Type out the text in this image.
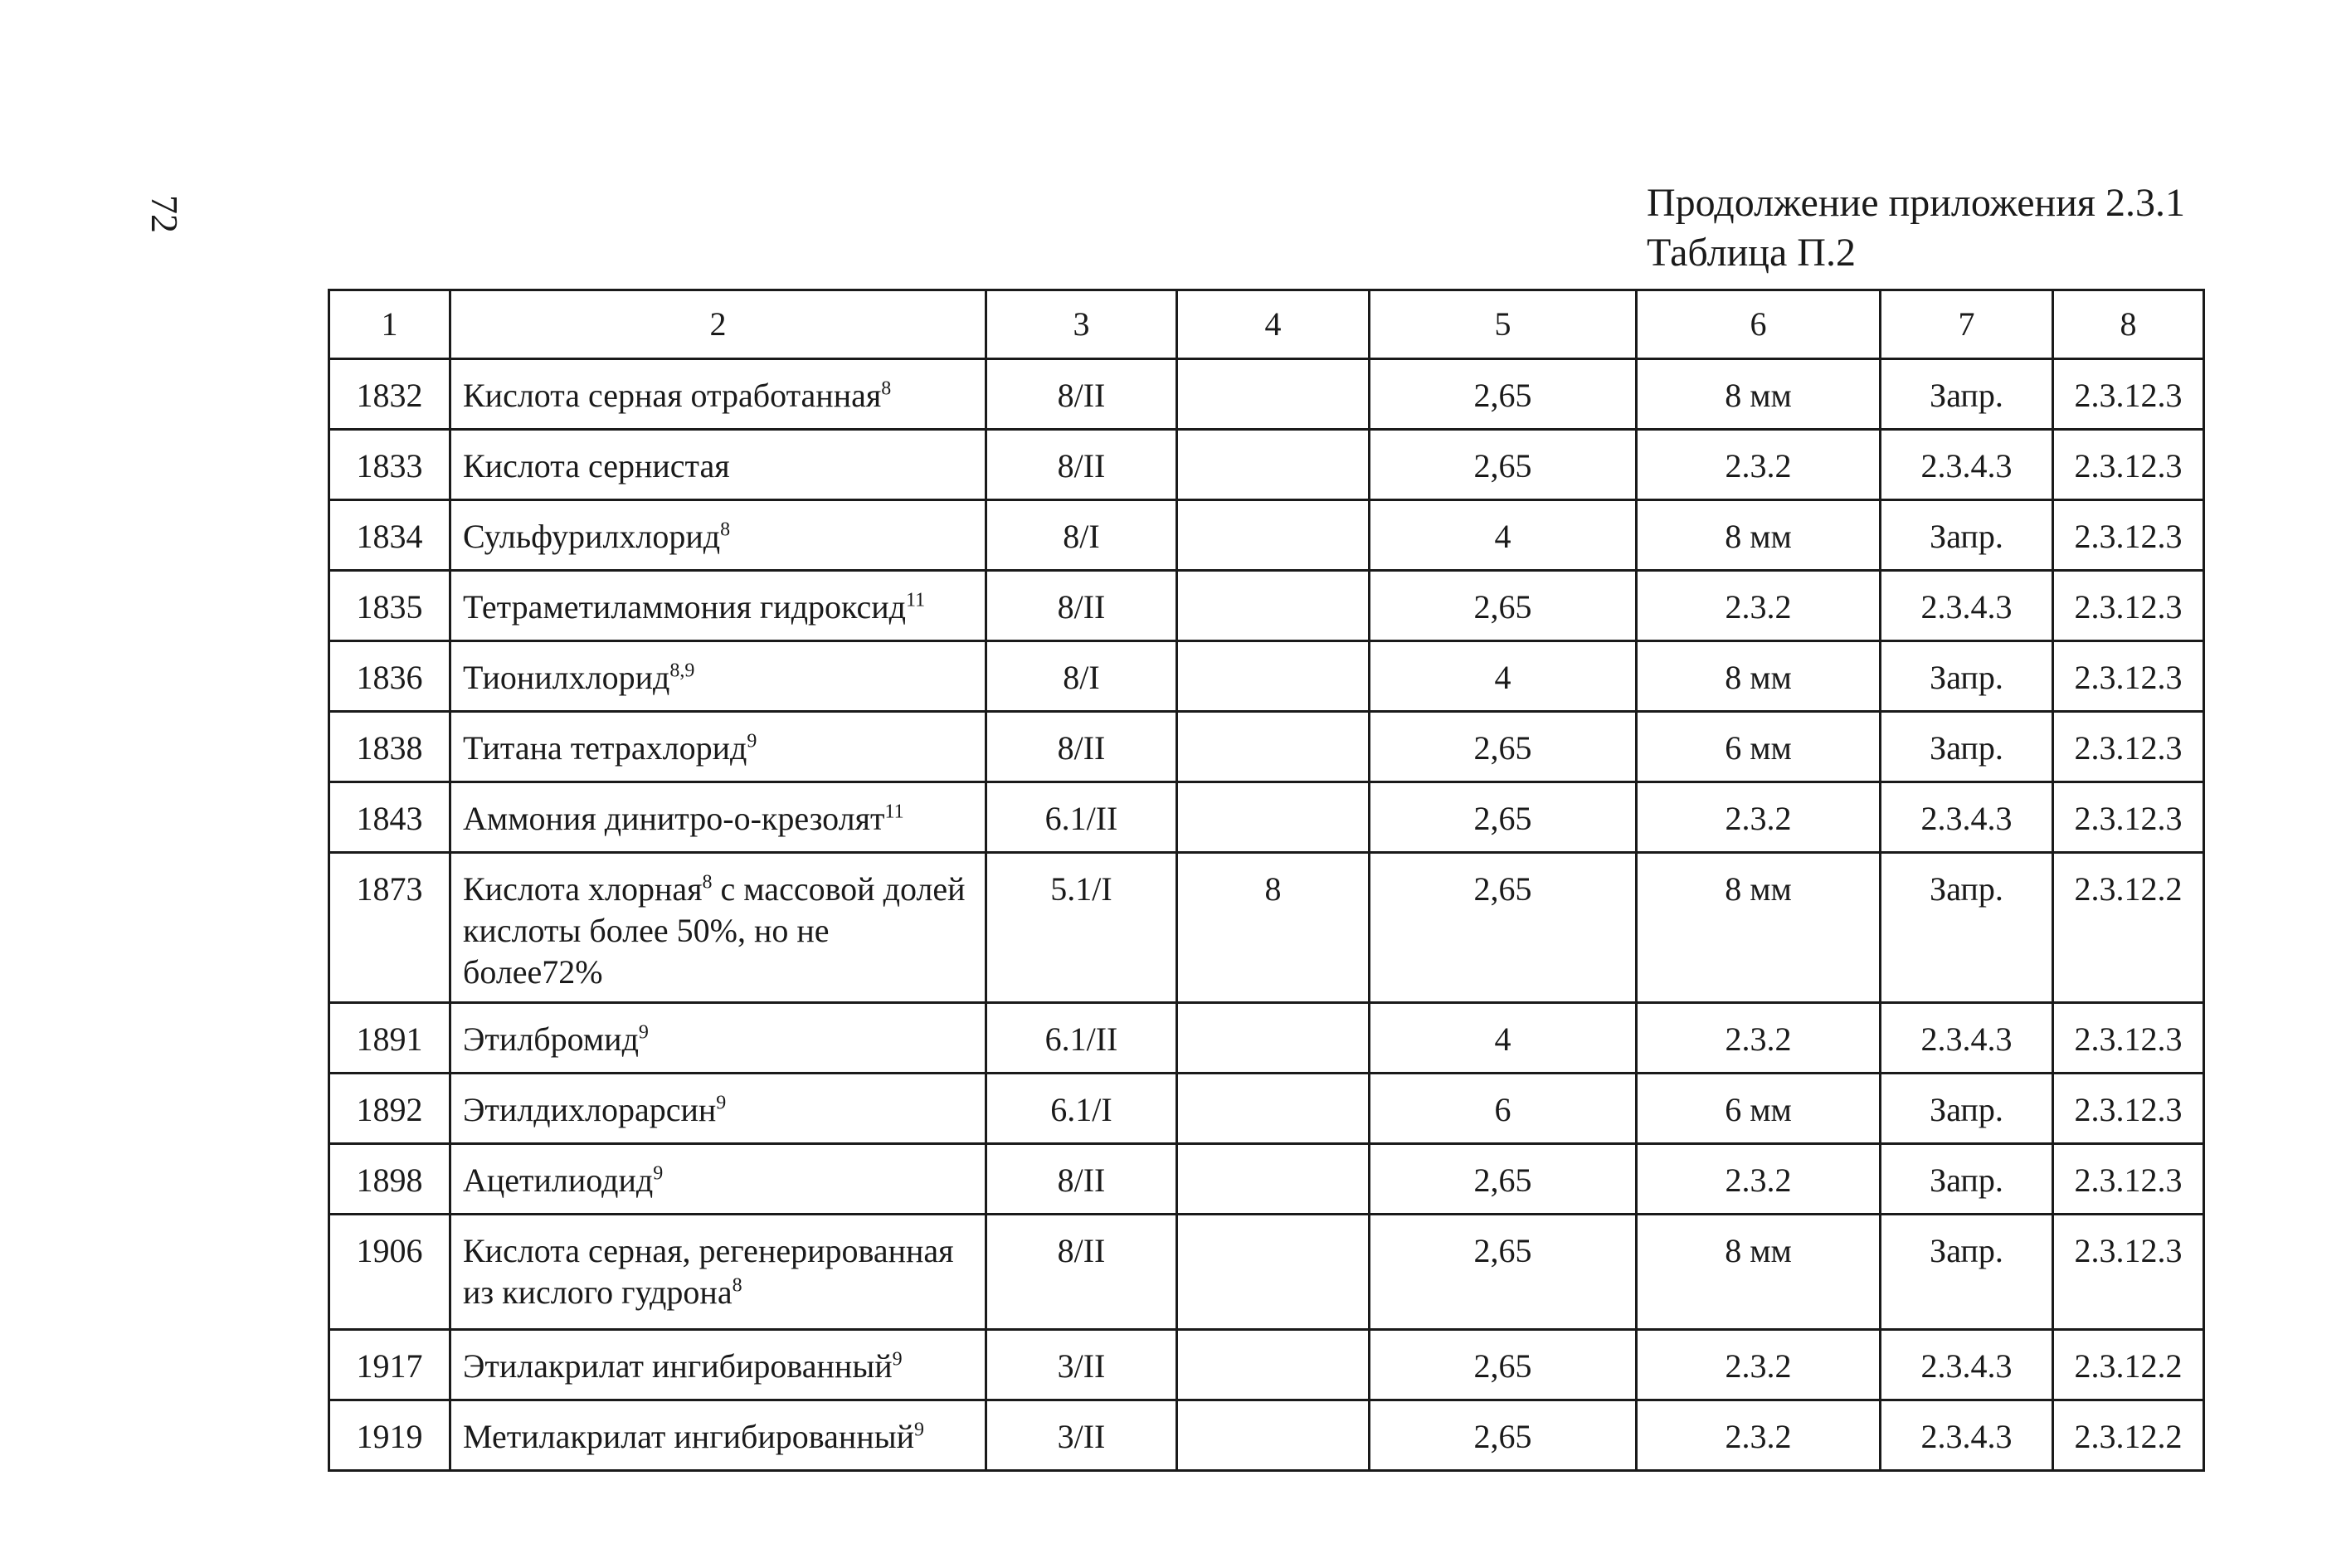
72	Продолжение приложения 2.3.1
Таблица П.2
1	2	3	4	5	6	7	8
1832	Кислота серная отработанная$^8$	8/II		2,65	8 мм	Запр.	2.3.12.3
1833	Кислота сернистая	8/II		2,65	2.3.2	2.3.4.3	2.3.12.3
1834	Сульфурилхлорид$^8$	8/I		4	8 мм	Запр.	2.3.12.3
1835	Тетраметиламмония гидроксид$^{11}$	8/II		2,65	2.3.2	2.3.4.3	2.3.12.3
1836	Тионилхлорид$^{8,9}$	8/I		4	8 мм	Запр.	2.3.12.3
1838	Титана тетрахлорид$^9$	8/II		2,65	6 мм	Запр.	2.3.12.3
1843	Аммония динитро-о-крезолят$^{11}$	6.1/II		2,65	2.3.2	2.3.4.3	2.3.12.3
1873	Кислота хлорная$^8$ с массовой долей кислоты более 50%, но не более72%	5.1/I	8	2,65	8 мм	Запр.	2.3.12.2
1891	Этилбромид$^9$	6.1/II		4	2.3.2	2.3.4.3	2.3.12.3
1892	Этилдихлорарсин$^9$	6.1/I		6	6 мм	Запр.	2.3.12.3
1898	Ацетилиодид$^9$	8/II		2,65	2.3.2	Запр.	2.3.12.3
1906	Кислота серная, регенерированная из кислого гудрона$^8$	8/II		2,65	8 мм	Запр.	2.3.12.3
1917	Этилакрилат ингибированный$^9$	3/II		2,65	2.3.2	2.3.4.3	2.3.12.2
1919	Метилакрилат ингибированный$^9$	3/II		2,65	2.3.2	2.3.4.3	2.3.12.2
